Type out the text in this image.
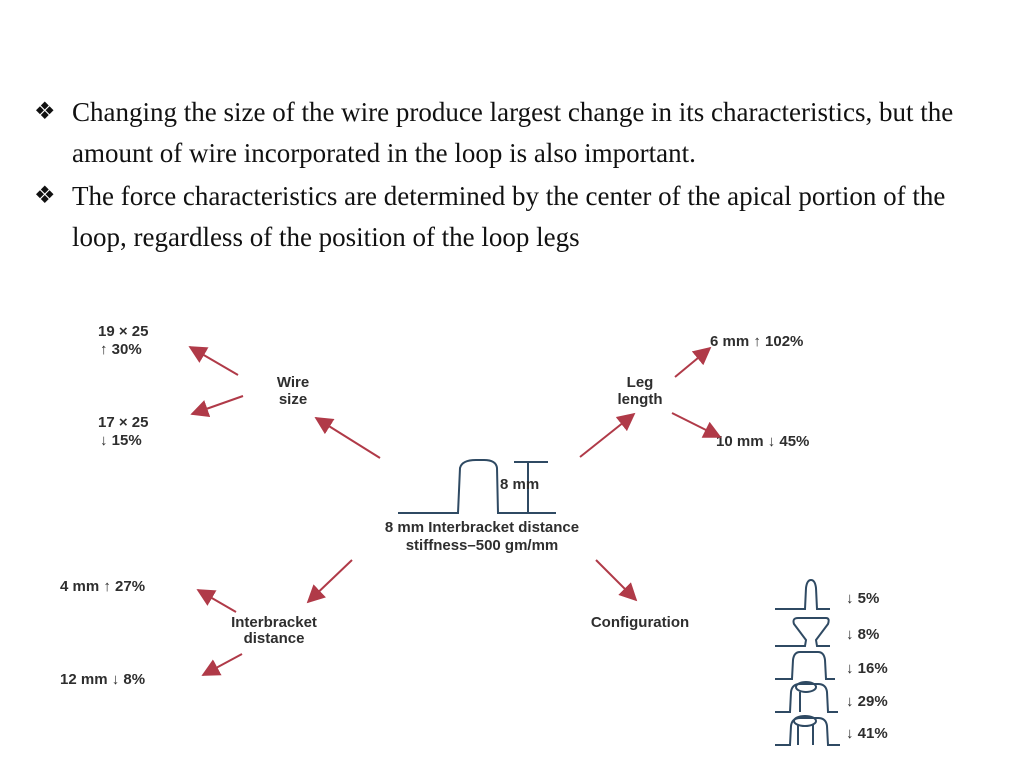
❖ Changing the size of the wire produce largest change in its characteristics, but the amount of wire incorporated in the loop is also important.
❖ The force characteristics are determined by the center of the apical portion of the loop, regardless of the position of the loop legs
8 mm
8 mm Interbracket distance
stiffness–500 gm/mm
Wire
size
19 × 25
↑ 30%
17 × 25
↓ 15%
Leg
length
6 mm ↑ 102%
10 mm ↓ 45%
Interbracket
distance
4 mm ↑ 27%
12 mm ↓ 8%
Configuration
↓ 5%
↓ 8%
↓ 16%
↓ 29%
↓ 41%
